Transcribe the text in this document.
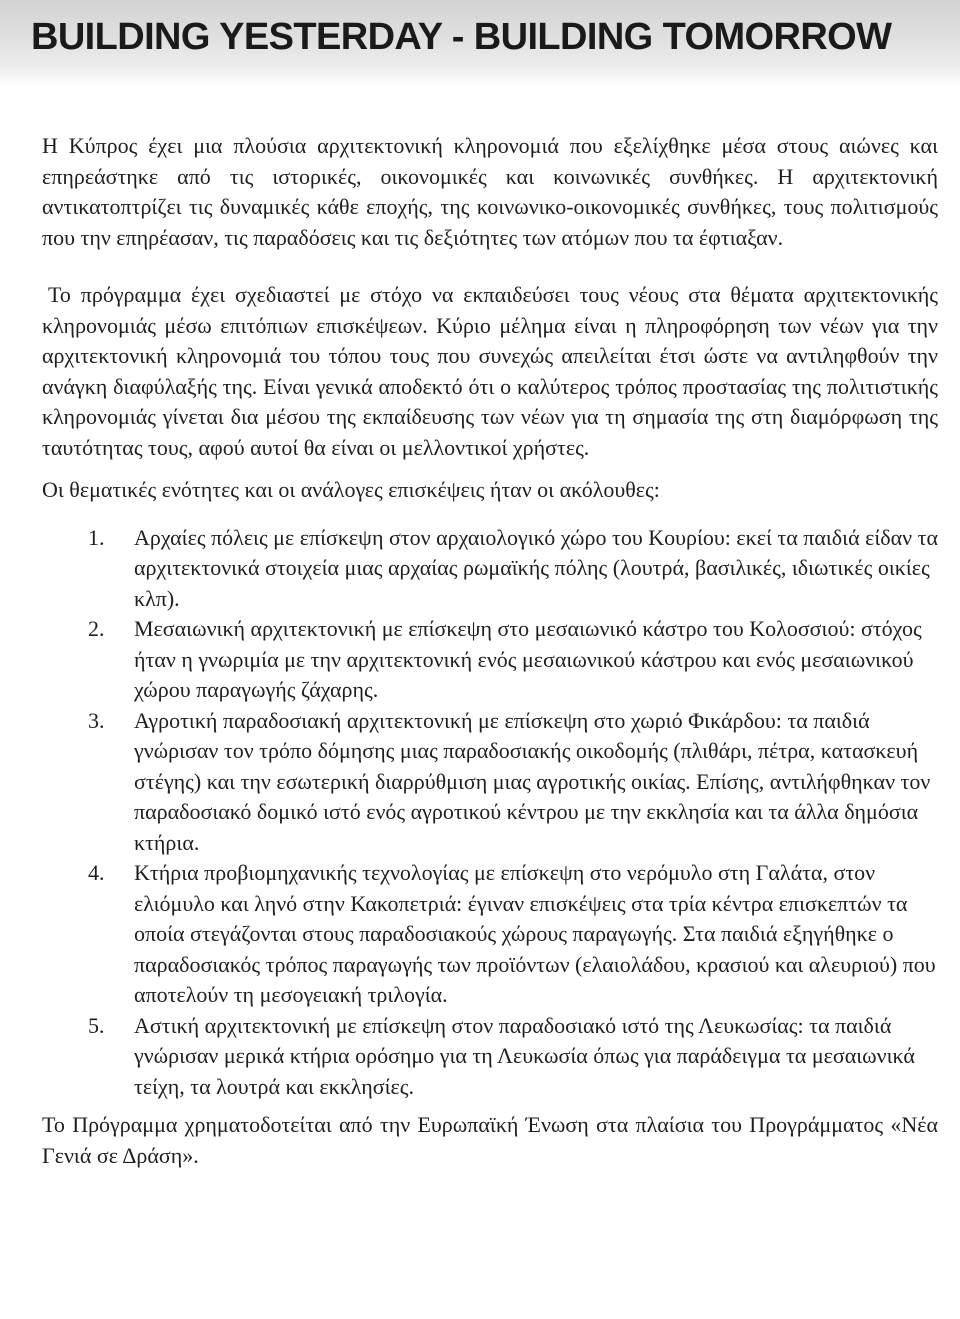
BUILDING YESTERDAY - BUILDING TOMORROW

Η Κύπρος έχει μια πλούσια αρχιτεκτονική κληρονομιά που εξελίχθηκε μέσα στους αιώνες και επηρεάστηκε από τις ιστορικές, οικονομικές και κοινωνικές συνθήκες. Η αρχιτεκτονική αντικατοπτρίζει τις δυναμικές κάθε εποχής, της κοινωνικο-οικονομικές συνθήκες, τους πολιτισμούς που την επηρέασαν, τις παραδόσεις και τις δεξιότητες των ατόμων που τα έφτιαξαν.

Το πρόγραμμα έχει σχεδιαστεί με στόχο να εκπαιδεύσει τους νέους στα θέματα αρχιτεκτονικής κληρονομιάς μέσω επιτόπιων επισκέψεων. Κύριο μέλημα είναι η πληροφόρηση των νέων για την αρχιτεκτονική κληρονομιά του τόπου τους που συνεχώς απειλείται έτσι ώστε να αντιληφθούν την ανάγκη διαφύλαξής της. Είναι γενικά αποδεκτό ότι ο καλύτερος τρόπος προστασίας της πολιτιστικής κληρονομιάς γίνεται δια μέσου της εκπαίδευσης των νέων για τη σημασία της στη διαμόρφωση της ταυτότητας τους, αφού αυτοί θα είναι οι μελλοντικοί χρήστες.

Οι θεματικές ενότητες και οι ανάλογες επισκέψεις ήταν οι ακόλουθες:

1. Αρχαίες πόλεις με επίσκεψη στον αρχαιολογικό χώρο του Κουρίου: εκεί τα παιδιά είδαν τα αρχιτεκτονικά στοιχεία μιας αρχαίας ρωμαϊκής πόλης (λουτρά, βασιλικές, ιδιωτικές οικίες κλπ).
2. Μεσαιωνική αρχιτεκτονική με επίσκεψη στο μεσαιωνικό κάστρο του Κολοσσιού: στόχος ήταν η γνωριμία με την αρχιτεκτονική ενός μεσαιωνικού κάστρου και ενός μεσαιωνικού χώρου παραγωγής ζάχαρης.
3. Αγροτική παραδοσιακή αρχιτεκτονική με επίσκεψη στο χωριό Φικάρδου: τα παιδιά γνώρισαν τον τρόπο δόμησης μιας παραδοσιακής οικοδομής (πλιθάρι, πέτρα, κατασκευή στέγης) και την εσωτερική διαρρύθμιση μιας αγροτικής οικίας. Επίσης, αντιλήφθηκαν τον παραδοσιακό δομικό ιστό ενός αγροτικού κέντρου με την εκκλησία και τα άλλα δημόσια κτήρια.
4. Κτήρια προβιομηχανικής τεχνολογίας με επίσκεψη στο νερόμυλο στη Γαλάτα, στον ελιόμυλο και ληνό στην Κακοπετριά: έγιναν επισκέψεις στα τρία κέντρα επισκεπτών τα οποία στεγάζονται στους παραδοσιακούς χώρους παραγωγής. Στα παιδιά εξηγήθηκε ο παραδοσιακός τρόπος παραγωγής των προϊόντων (ελαιολάδου, κρασιού και αλευριού) που αποτελούν τη μεσογειακή τριλογία.
5. Αστική αρχιτεκτονική με επίσκεψη στον παραδοσιακό ιστό της Λευκωσίας: τα παιδιά γνώρισαν μερικά κτήρια ορόσημο για τη Λευκωσία όπως για παράδειγμα τα μεσαιωνικά τείχη, τα λουτρά και εκκλησίες.

Το Πρόγραμμα χρηματοδοτείται από την Ευρωπαϊκή Ένωση στα πλαίσια του Προγράμματος «Νέα Γενιά σε Δράση».
